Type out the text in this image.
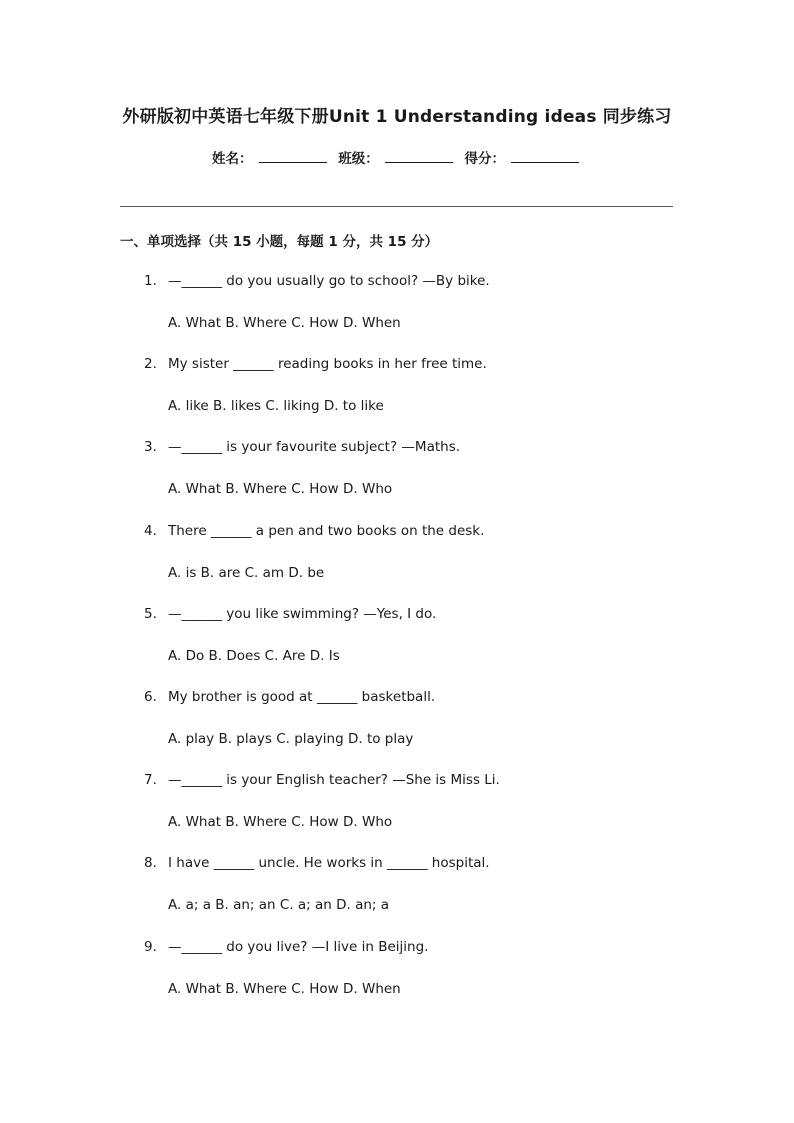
外研版初中英语七年级下册Unit 1 Understanding ideas 同步练习
姓名：	班级：	得分：
一、单项选择（共 15 小题，每题 1 分，共 15 分）
1. —______ do you usually go to school? —By bike.
A. What B. Where C. How D. When
2. My sister ______ reading books in her free time.
A. like B. likes C. liking D. to like
3. —______ is your favourite subject? —Maths.
A. What B. Where C. How D. Who
4. There ______ a pen and two books on the desk.
A. is B. are C. am D. be
5. —______ you like swimming? —Yes, I do.
A. Do B. Does C. Are D. Is
6. My brother is good at ______ basketball.
A. play B. plays C. playing D. to play
7. —______ is your English teacher? —She is Miss Li.
A. What B. Where C. How D. Who
8. I have ______ uncle. He works in ______ hospital.
A. a; a B. an; an C. a; an D. an; a
9. —______ do you live? —I live in Beijing.
A. What B. Where C. How D. When
